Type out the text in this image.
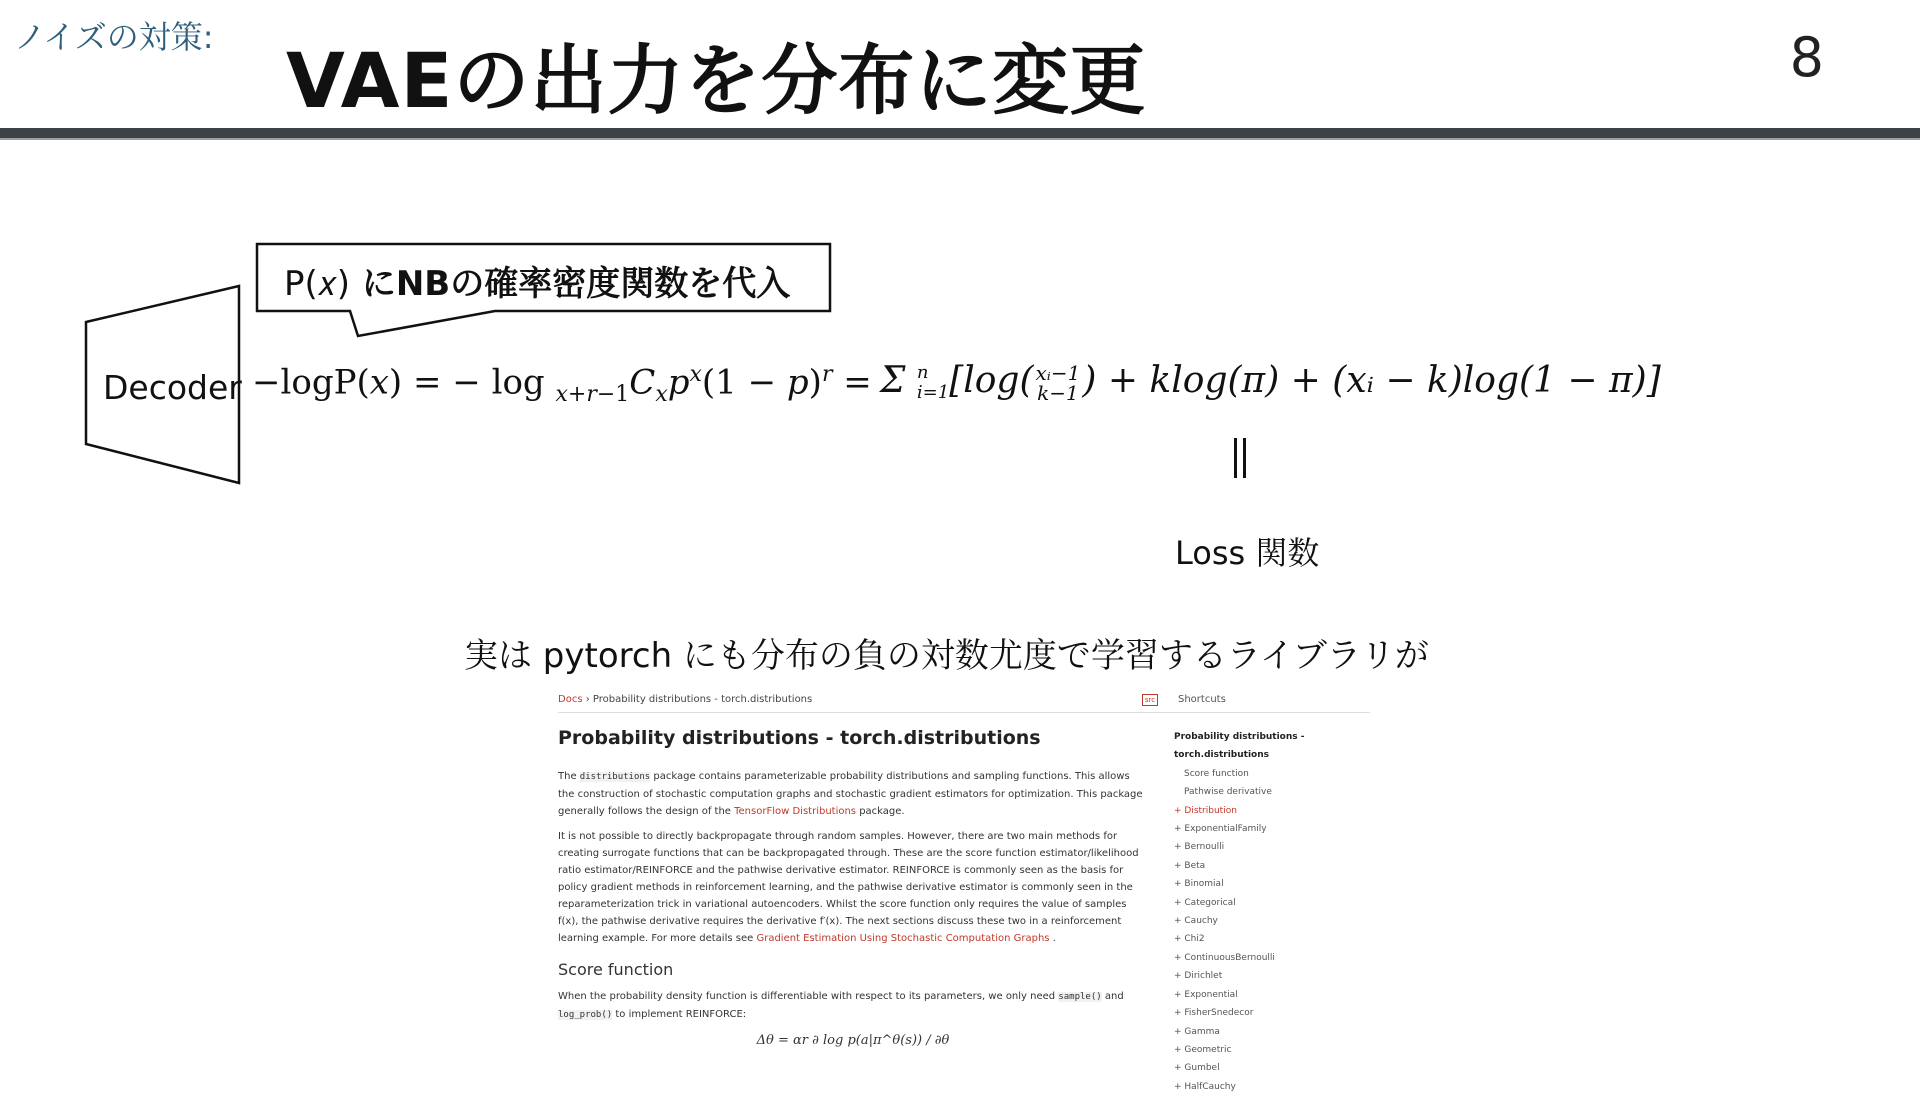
ノイズの対策: VAEの出力を分布に変更	8
P(𝑥) にNBの確率密度関数を代入
Decoder −logP(𝑥) = − log $_{𝑥+𝑟-1}$𝐶$_𝑥$𝑝$^𝑥$(1 − 𝑝)$^𝑟$ = Σ n
i=1[log( xᵢ−1
k−1) + klog(π) + (xᵢ − k)log(1 − π)]
Loss 関数
実は pytorch にも分布の負の対数尤度で学習するライブラリが
Docs › Probability distributions - torch.distributions	src Shortcuts
Probability distributions - torch.distributions

The distributions package contains parameterizable probability distributions and sampling functions. This allows the construction of stochastic computation graphs and stochastic gradient estimators for optimization. This package generally follows the design of the TensorFlow Distributions package.

It is not possible to directly backpropagate through random samples. However, there are two main methods for creating surrogate functions that can be backpropagated through. These are the score function estimator/likelihood ratio estimator/REINFORCE and the pathwise derivative estimator. REINFORCE is commonly seen as the basis for policy gradient methods in reinforcement learning, and the pathwise derivative estimator is commonly seen in the reparameterization trick in variational autoencoders. Whilst the score function only requires the value of samples f(x), the pathwise derivative requires the derivative f′(x). The next sections discuss these two in a reinforcement learning example. For more details see Gradient Estimation Using Stochastic Computation Graphs .

Score function

When the probability density function is differentiable with respect to its parameters, we only need sample() and log_prob() to implement REINFORCE:

Δθ = αr ∂ log p(a|π^θ(s)) / ∂θ
Probability distributions - torch.distributions
Score function
Pathwise derivative
+ Distribution
+ ExponentialFamily
+ Bernoulli
+ Beta
+ Binomial
+ Categorical
+ Cauchy
+ Chi2
+ ContinuousBernoulli
+ Dirichlet
+ Exponential
+ FisherSnedecor
+ Gamma
+ Geometric
+ Gumbel
+ HalfCauchy
